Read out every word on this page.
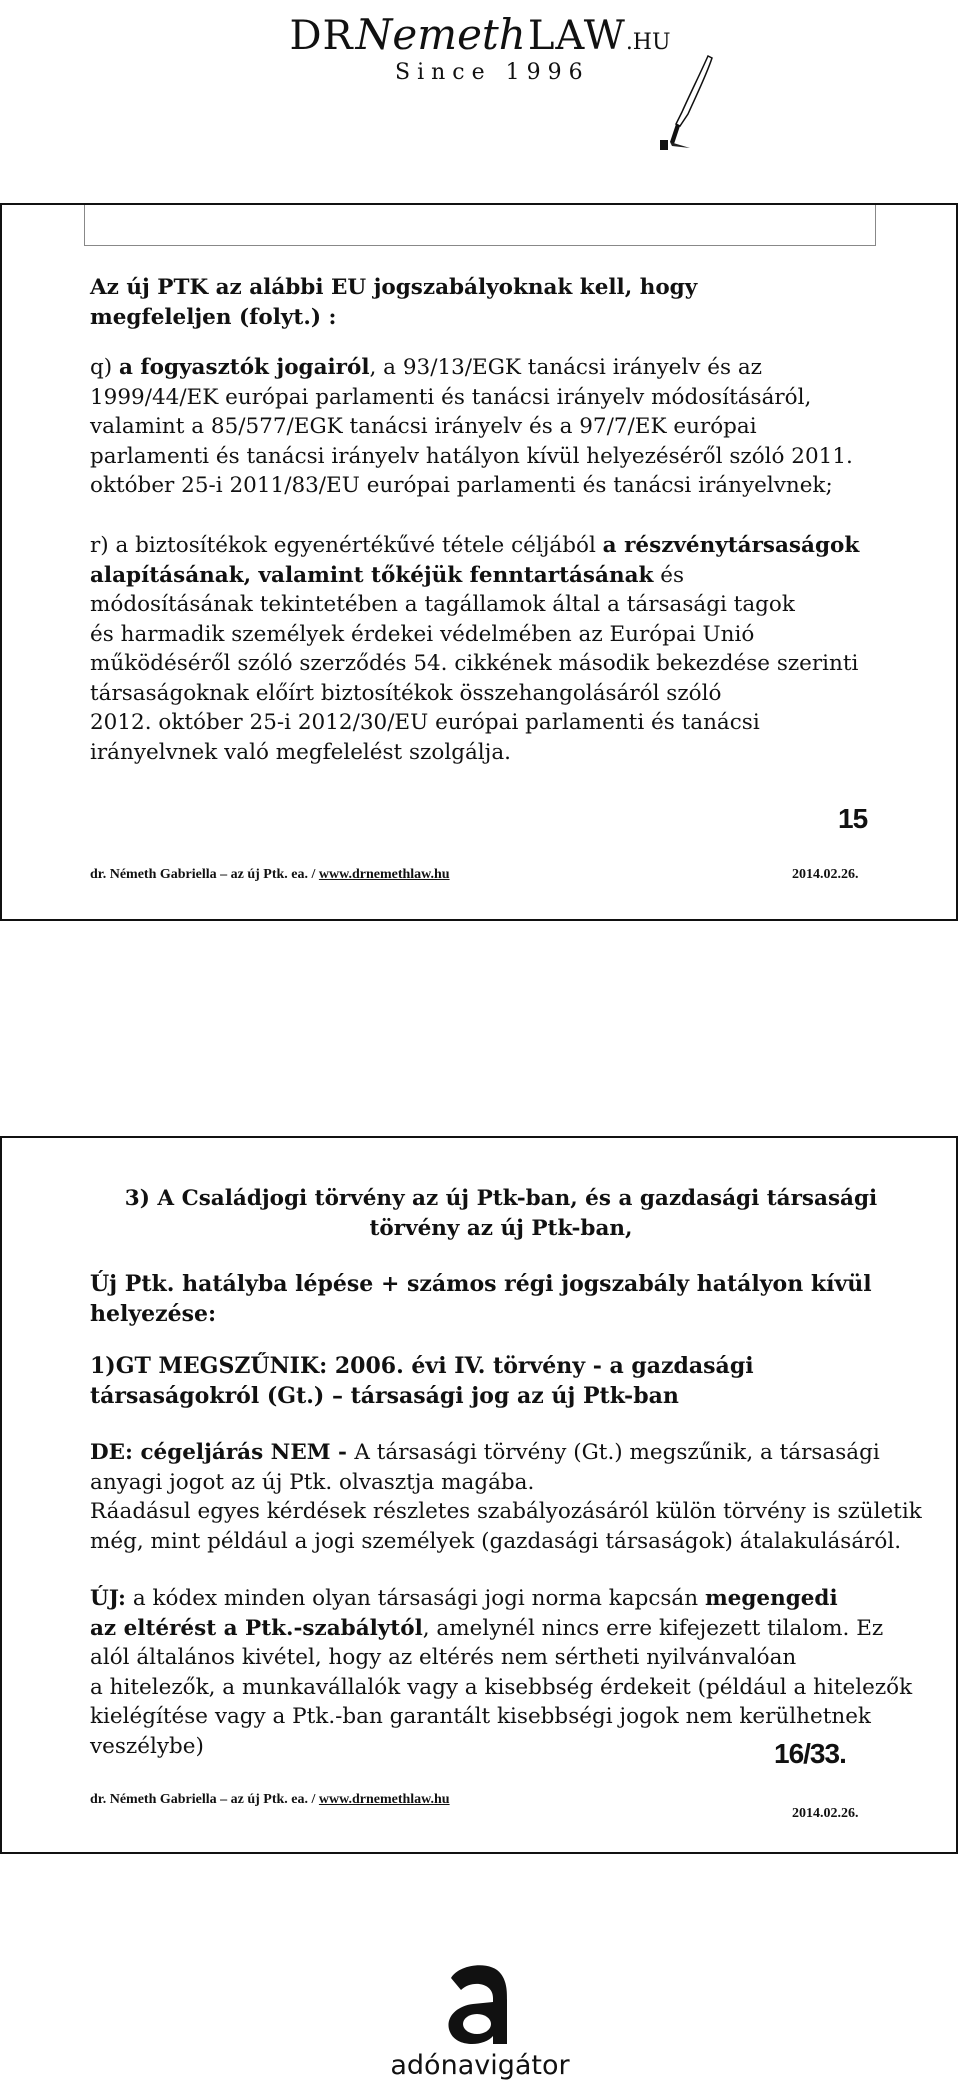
DRNemethLAW.HU
Since 1996
Az új PTK az alábbi EU jogszabályoknak kell, hogy
megfeleljen (folyt.) :
q) a fogyasztók jogairól, a 93/13/EGK tanácsi irányelv és az
1999/44/EK európai parlamenti és tanácsi irányelv módosításáról,
valamint a 85/577/EGK tanácsi irányelv és a 97/7/EK európai
parlamenti és tanácsi irányelv hatályon kívül helyezéséről szóló 2011.
október 25-i 2011/83/EU európai parlamenti és tanácsi irányelvnek;
r) a biztosítékok egyenértékűvé tétele céljából a részvénytársaságok
alapításának, valamint tőkéjük fenntartásának és
módosításának tekintetében a tagállamok által a társasági tagok
és harmadik személyek érdekei védelmében az Európai Unió
működéséről szóló szerződés 54. cikkének második bekezdése szerinti
társaságoknak előírt biztosítékok összehangolásáról szóló
2012. október 25-i 2012/30/EU európai parlamenti és tanácsi
irányelvnek való megfelelést szolgálja.
15
dr. Németh Gabriella – az új Ptk. ea. / www.drnemethlaw.hu	2014.02.26.
3) A Családjogi törvény az új Ptk-ban, és a gazdasági társasági
törvény az új Ptk-ban,
Új Ptk. hatályba lépése + számos régi jogszabály hatályon kívül
helyezése:
1)GT MEGSZŰNIK: 2006. évi IV. törvény - a gazdasági
társaságokról (Gt.) – társasági jog az új Ptk-ban
DE: cégeljárás NEM - A társasági törvény (Gt.) megszűnik, a társasági
anyagi jogot az új Ptk. olvasztja magába.
Ráadásul egyes kérdések részletes szabályozásáról külön törvény is születik
még, mint például a jogi személyek (gazdasági társaságok) átalakulásáról.
ÚJ: a kódex minden olyan társasági jogi norma kapcsán megengedi
az eltérést a Ptk.-szabálytól, amelynél nincs erre kifejezett tilalom. Ez
alól általános kivétel, hogy az eltérés nem sértheti nyilvánvalóan
a hitelezők, a munkavállalók vagy a kisebbség érdekeit (például a hitelezők
kielégítése vagy a Ptk.-ban garantált kisebbségi jogok nem kerülhetnek
veszélybe)	16/33.
dr. Németh Gabriella – az új Ptk. ea. / www.drnemethlaw.hu
2014.02.26.
adónavigátor
